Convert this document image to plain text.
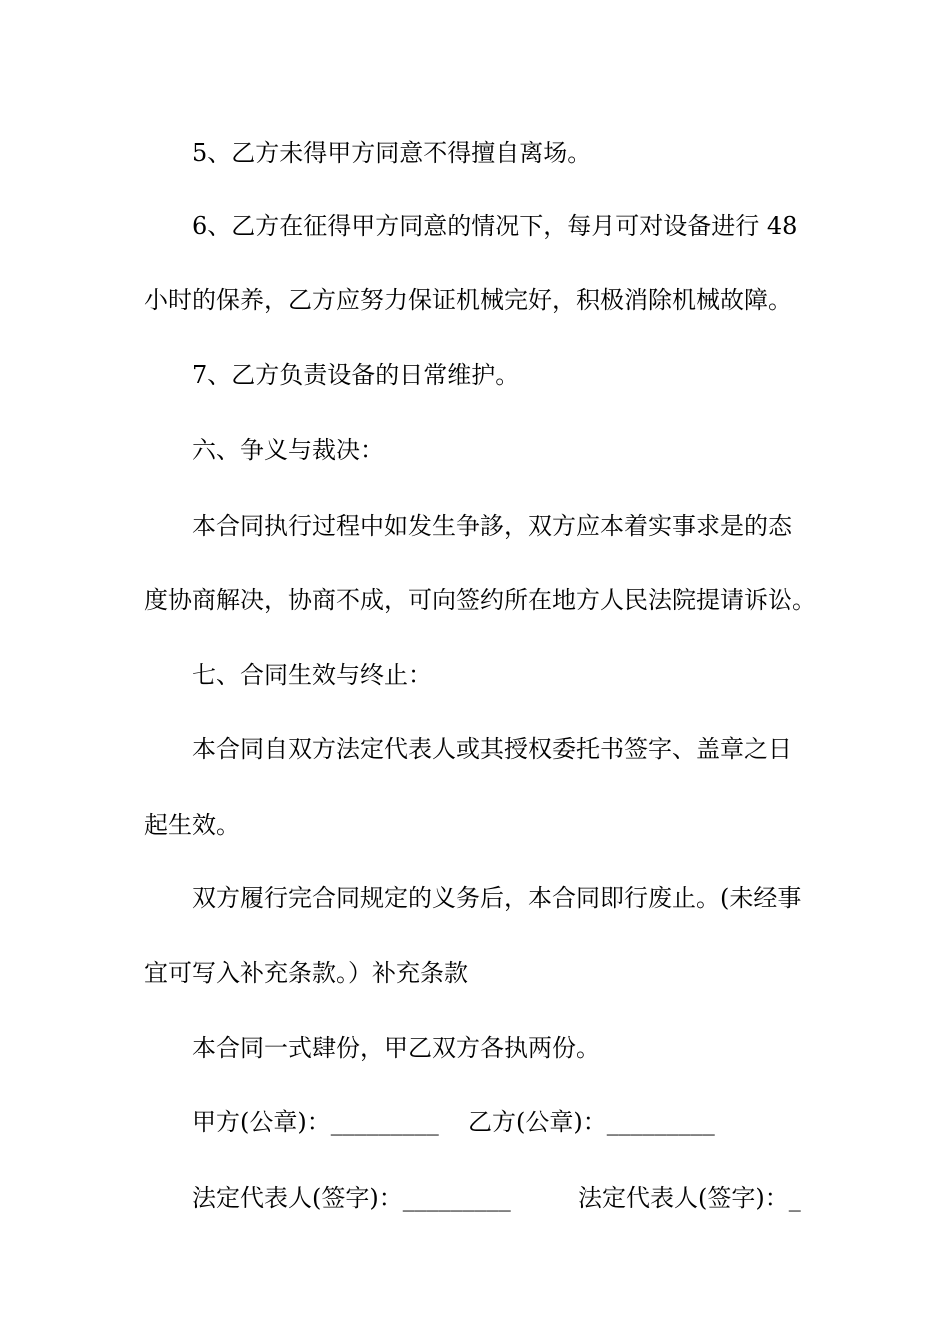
5、乙方未得甲方同意不得擅自离场。
6、乙方在征得甲方同意的情况下，每月可对设备进行 48
小时的保养，乙方应努力保证机械完好，积极消除机械故障。
7、乙方负责设备的日常维护。
六、争义与裁决：
本合同执行过程中如发生争誃，双方应本着实事求是的态
度协商解决，协商不成，可向签约所在地方人民法院提请诉讼。
七、合同生效与终止：
本合同自双方法定代表人或其授权委托书签字、盖章之日
起生效。
双方履行完合同规定的义务后，本合同即行废止。(未经事
宜可写入补充条款。）补充条款
本合同一式肆份，甲乙双方各执两份。
甲方(公章)：_________ 乙方(公章)：_________
法定代表人(签字)：_________	法定代表人(签字)：_
